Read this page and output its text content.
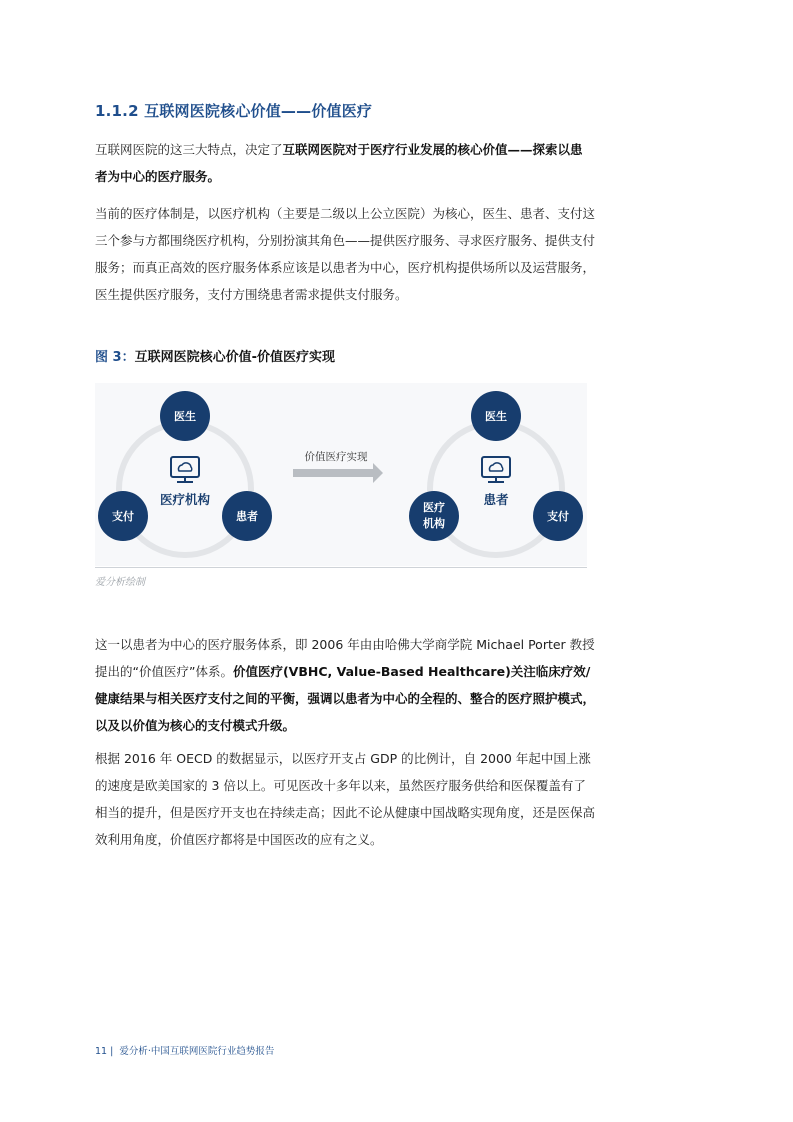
1.1.2 互联网医院核心价值——价值医疗
互联网医院的这三大特点，决定了互联网医院对于医疗行业发展的核心价值——探索以患者为中心的医疗服务。
当前的医疗体制是，以医疗机构（主要是二级以上公立医院）为核心，医生、患者、支付这三个参与方都围绕医疗机构，分别扮演其角色——提供医疗服务、寻求医疗服务、提供支付服务；而真正高效的医疗服务体系应该是以患者为中心，医疗机构提供场所以及运营服务，医生提供医疗服务，支付方围绕患者需求提供支付服务。
图 3：互联网医院核心价值-价值医疗实现
医疗机构
医生
支付	患者
价值医疗实现
患者
医生
医疗
机构
支付
爱分析绘制
这一以患者为中心的医疗服务体系，即 2006 年由由哈佛大学商学院 Michael Porter 教授提出的“价值医疗”体系。价值医疗(VBHC, Value-Based Healthcare)关注临床疗效/健康结果与相关医疗支付之间的平衡，强调以患者为中心的全程的、整合的医疗照护模式，以及以价值为核心的支付模式升级。
根据 2016 年 OECD 的数据显示，以医疗开支占 GDP 的比例计，自 2000 年起中国上涨的速度是欧美国家的 3 倍以上。可见医改十多年以来，虽然医疗服务供给和医保覆盖有了相当的提升，但是医疗开支也在持续走高；因此不论从健康中国战略实现角度，还是医保高效利用角度，价值医疗都将是中国医改的应有之义。
11 | 爱分析·中国互联网医院行业趋势报告
